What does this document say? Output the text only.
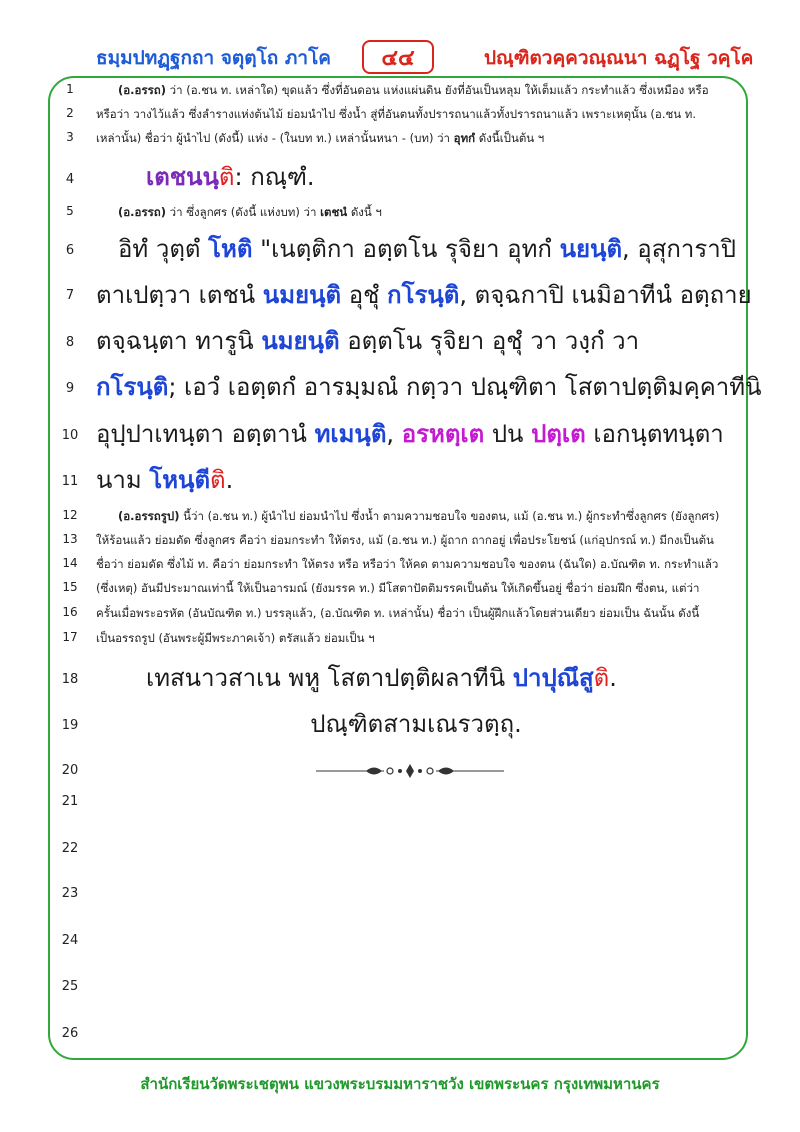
ธมฺมปทฏฺฐกถา จตุตฺโถ ภาโค	๔๔	ปณฺฑิตวคฺควณฺณนา ฉฏฺโฐ วคฺโค
1
2
3
4
5
6
7
8
9
10
11
12
13
14
15
16
17
18
19
20
21
22
23
24
25
26
(อ.อรรถ) ว่า (อ.ชน ท. เหล่าใด) ขุดแล้ว ซึ่งที่อันดอน แห่งแผ่นดิน ยังที่อันเป็นหลุม ให้เต็มแล้ว กระทำแล้ว ซึ่งเหมือง หรือ
หรือว่า วางไว้แล้ว ซึ่งลำรางแห่งต้นไม้ ย่อมนำไป ซึ่งน้ำ สู่ที่อันตนทั้งปรารถนาแล้วทั้งปรารถนาแล้ว เพราะเหตุนั้น (อ.ชน ท.
เหล่านั้น) ชื่อว่า ผู้นำไป (ดังนี้) แห่ง - (ในบท ท.) เหล่านั้นหนา - (บท) ว่า อุทกํ ดังนี้เป็นต้น ฯ
เตชนนฺติ: กณฺฑํ.
(อ.อรรถ) ว่า ซึ่งลูกศร (ดังนี้ แห่งบท) ว่า เตชนํ ดังนี้ ฯ
อิทํ วุตฺตํ โหติ "เนตฺติกา อตฺตโน รุจิยา อุทกํ นยนฺติ, อุสุการาปิ
ตาเปตฺวา เตชนํ นมยนฺติ อุชุํ กโรนฺติ, ตจฺฉกาปิ เนมิอาทีนํ อตฺถาย
ตจฺฉนฺตา ทารูนิ นมยนฺติ อตฺตโน รุจิยา อุชุํ วา วงฺกํ วา
กโรนฺติ; เอวํ เอตฺตกํ อารมฺมณํ กตฺวา ปณฺฑิตา โสตาปตฺติมคฺคาทีนิ
อุปฺปาเทนฺตา อตฺตานํ ทเมนฺติ, อรหตฺเต ปน ปตฺเต เอกนฺตทนฺตา
นาม โหนฺตีติ.
(อ.อรรถรูป) นี้ว่า (อ.ชน ท.) ผู้นำไป ย่อมนำไป ซึ่งน้ำ ตามความชอบใจ ของตน, แม้ (อ.ชน ท.) ผู้กระทำซึ่งลูกศร (ยังลูกศร)
ให้ร้อนแล้ว ย่อมดัด ซึ่งลูกศร คือว่า ย่อมกระทำ ให้ตรง, แม้ (อ.ชน ท.) ผู้ถาก ถากอยู่ เพื่อประโยชน์ (แก่อุปกรณ์ ท.) มีกงเป็นต้น
ชื่อว่า ย่อมดัด ซึ่งไม้ ท. คือว่า ย่อมกระทำ ให้ตรง หรือ หรือว่า ให้คด ตามความชอบใจ ของตน (ฉันใด) อ.บัณฑิต ท. กระทำแล้ว
(ซึ่งเหตุ) อันมีประมาณเท่านี้ ให้เป็นอารมณ์ (ยังมรรค ท.) มีโสตาปัตติมรรคเป็นต้น ให้เกิดขึ้นอยู่ ชื่อว่า ย่อมฝึก ซึ่งตน, แต่ว่า
ครั้นเมื่อพระอรหัต (อันบัณฑิต ท.) บรรลุแล้ว, (อ.บัณฑิต ท. เหล่านั้น) ชื่อว่า เป็นผู้ฝึกแล้วโดยส่วนเดียว ย่อมเป็น ฉันนั้น ดังนี้
เป็นอรรถรูป (อันพระผู้มีพระภาคเจ้า) ตรัสแล้ว ย่อมเป็น ฯ
เทสนาวสาเน พหู โสตาปตฺติผลาทีนิ ปาปุณึสูติ.
ปณฺฑิตสามเณรวตฺถุ.
สำนักเรียนวัดพระเชตุพน แขวงพระบรมมหาราชวัง เขตพระนคร กรุงเทพมหานคร
